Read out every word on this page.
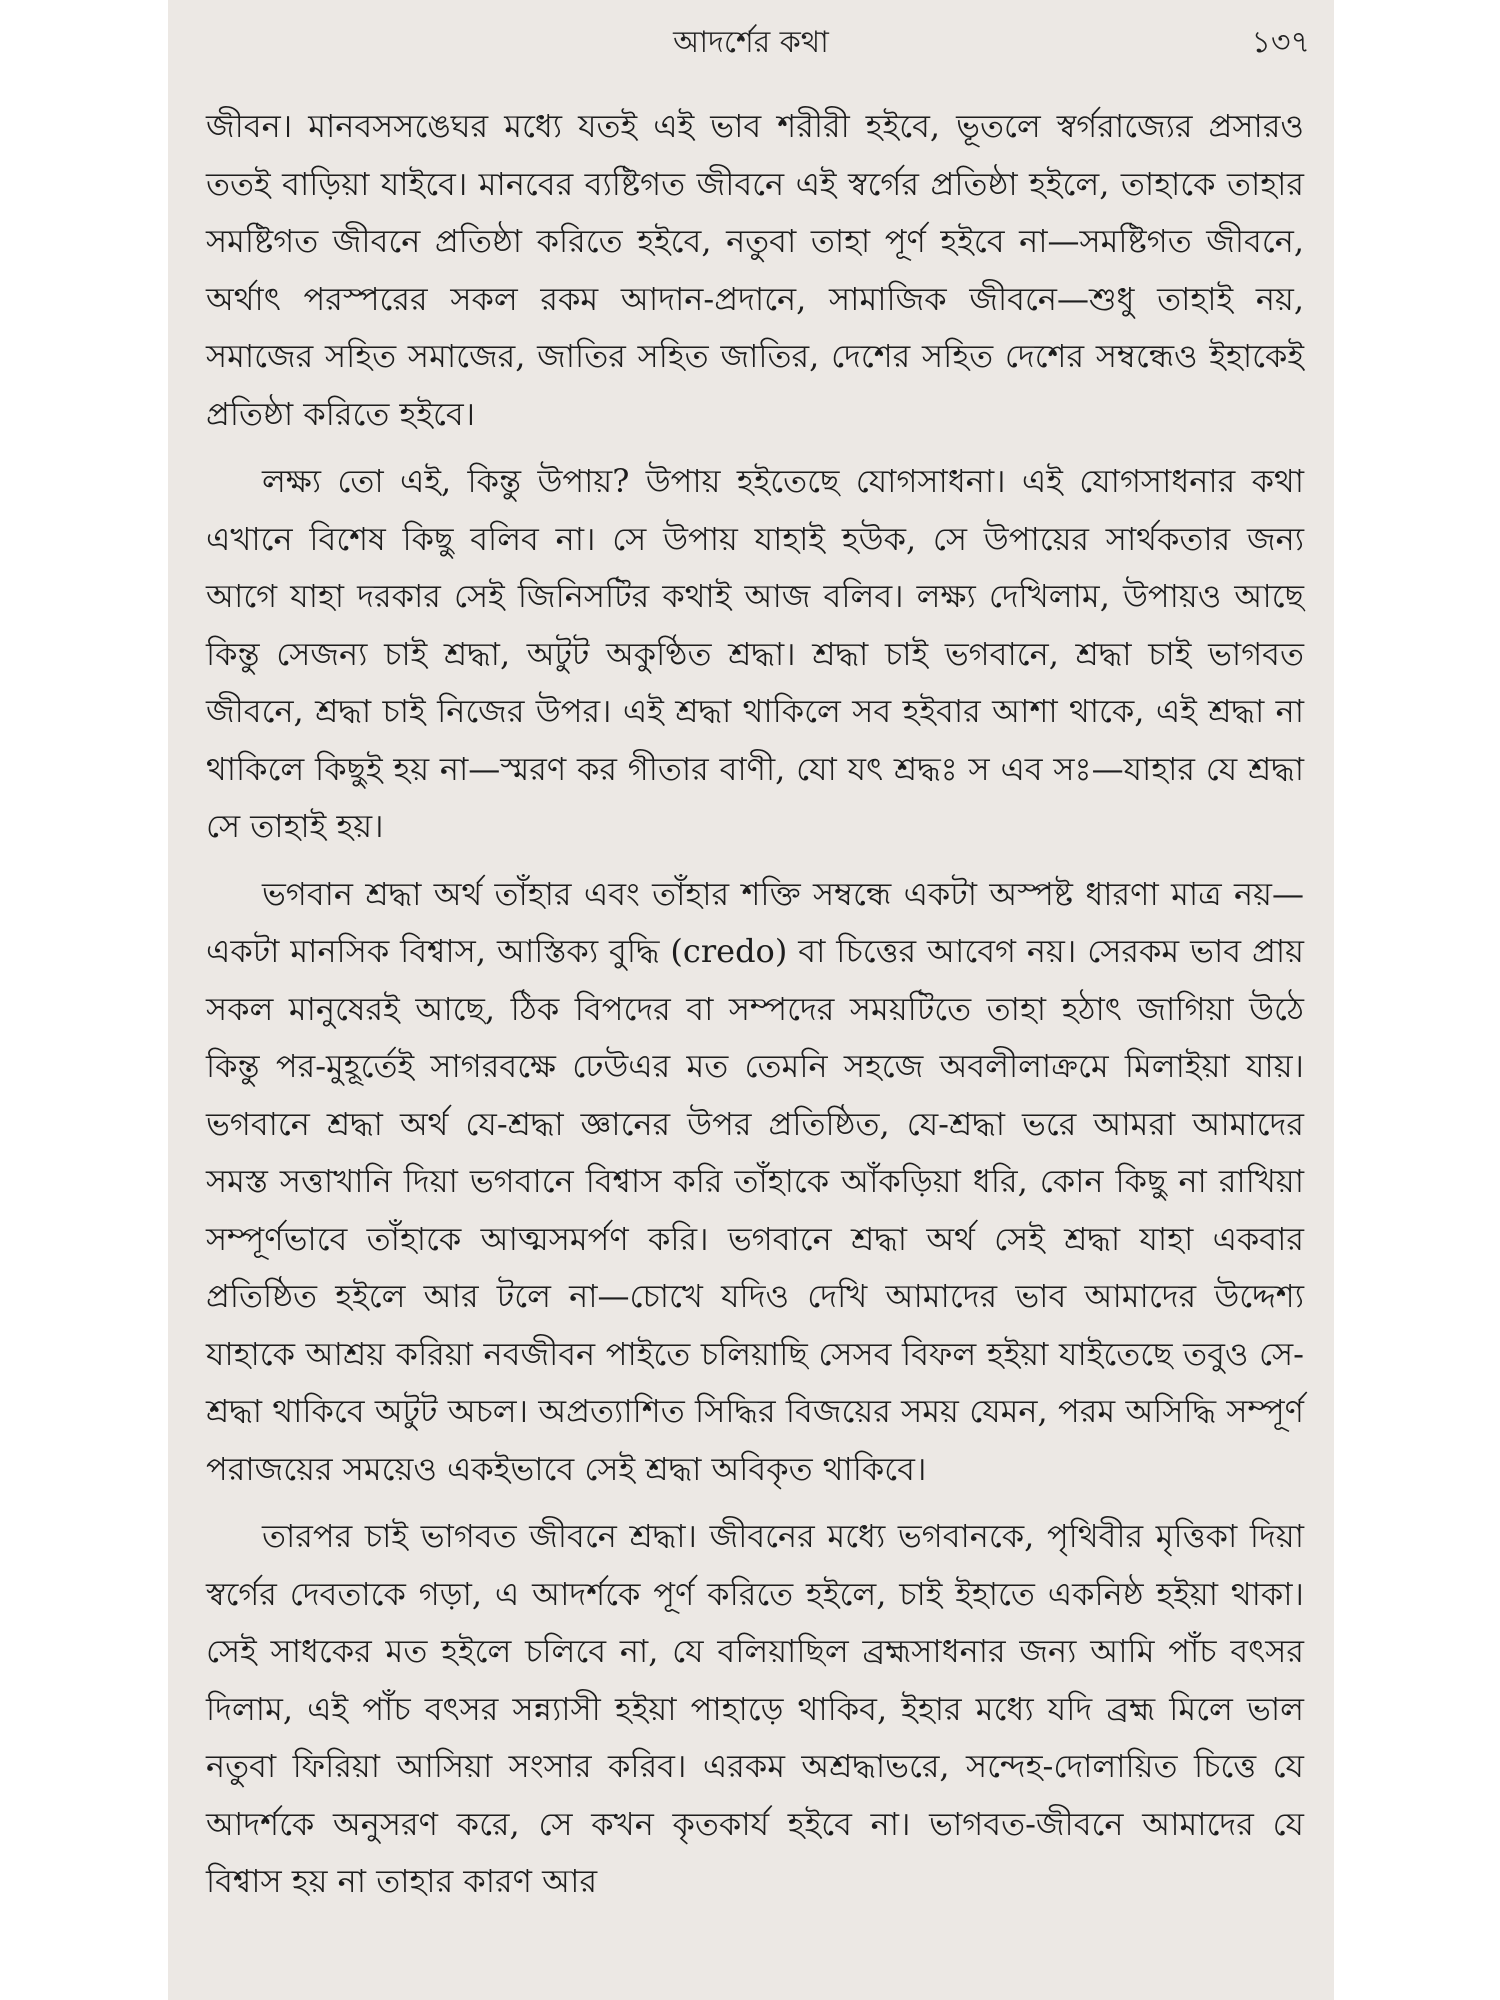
আদর্শের কথা	১৩৭

জীবন। মানবসসঙেঘর মধ্যে যতই এই ভাব শরীরী হইবে, ভূতলে স্বর্গরাজ্যের প্রসারও ততই বাড়িয়া যাইবে। মানবের ব্যষ্টিগত জীবনে এই স্বর্গের প্রতিষ্ঠা হইলে, তাহাকে তাহার সমষ্টিগত জীবনে প্রতিষ্ঠা করিতে হইবে, নতুবা তাহা পূর্ণ হইবে না—সমষ্টিগত জীবনে, অর্থাৎ পরস্পরের সকল রকম আদান-প্রদানে, সামাজিক জীবনে—শুধু তাহাই নয়, সমাজের সহিত সমাজের, জাতির সহিত জাতির, দেশের সহিত দেশের সম্বন্ধেও ইহাকেই প্রতিষ্ঠা করিতে হইবে।

লক্ষ্য তো এই, কিন্তু উপায়? উপায় হইতেছে যোগসাধনা। এই যোগসাধনার কথা এখানে বিশেষ কিছু বলিব না। সে উপায় যাহাই হউক, সে উপায়ের সার্থকতার জন্য আগে যাহা দরকার সেই জিনিসটির কথাই আজ বলিব। লক্ষ্য দেখিলাম, উপায়ও আছে কিন্তু সেজন্য চাই শ্রদ্ধা, অটুট অকুণ্ঠিত শ্রদ্ধা। শ্রদ্ধা চাই ভগবানে, শ্রদ্ধা চাই ভাগবত জীবনে, শ্রদ্ধা চাই নিজের উপর। এই শ্রদ্ধা থাকিলে সব হইবার আশা থাকে, এই শ্রদ্ধা না থাকিলে কিছুই হয় না—স্মরণ কর গীতার বাণী, যো যৎ শ্রদ্ধঃ স এব সঃ—যাহার যে শ্রদ্ধা সে তাহাই হয়।

ভগবান শ্রদ্ধা অর্থ তাঁহার এবং তাঁহার শক্তি সম্বন্ধে একটা অস্পষ্ট ধারণা মাত্র নয়—একটা মানসিক বিশ্বাস, আস্তিক্য বুদ্ধি (credo) বা চিত্তের আবেগ নয়। সেরকম ভাব প্রায় সকল মানুষেরই আছে, ঠিক বিপদের বা সম্পদের সময়টিতে তাহা হঠাৎ জাগিয়া উঠে কিন্তু পর-মুহূর্তেই সাগরবক্ষে ঢেউএর মত তেমনি সহজে অবলীলাক্রমে মিলাইয়া যায়। ভগবানে শ্রদ্ধা অর্থ যে-শ্রদ্ধা জ্ঞানের উপর প্রতিষ্ঠিত, যে-শ্রদ্ধা ভরে আমরা আমাদের সমস্ত সত্তাখানি দিয়া ভগবানে বিশ্বাস করি তাঁহাকে আঁকড়িয়া ধরি, কোন কিছু না রাখিয়া সম্পূর্ণভাবে তাঁহাকে আত্মসমর্পণ করি। ভগবানে শ্রদ্ধা অর্থ সেই শ্রদ্ধা যাহা একবার প্রতিষ্ঠিত হইলে আর টলে না—চোখে যদিও দেখি আমাদের ভাব আমাদের উদ্দেশ্য যাহাকে আশ্রয় করিয়া নবজীবন পাইতে চলিয়াছি সেসব বিফল হইয়া যাইতেছে তবুও সে-শ্রদ্ধা থাকিবে অটুট অচল। অপ্রত্যাশিত সিদ্ধির বিজয়ের সময় যেমন, পরম অসিদ্ধি সম্পূর্ণ পরাজয়ের সময়েও একইভাবে সেই শ্রদ্ধা অবিকৃত থাকিবে।

তারপর চাই ভাগবত জীবনে শ্রদ্ধা। জীবনের মধ্যে ভগবানকে, পৃথিবীর মৃত্তিকা দিয়া স্বর্গের দেবতাকে গড়া, এ আদর্শকে পূর্ণ করিতে হইলে, চাই ইহাতে একনিষ্ঠ হইয়া থাকা। সেই সাধকের মত হইলে চলিবে না, যে বলিয়াছিল ব্রহ্মসাধনার জন্য আমি পাঁচ বৎসর দিলাম, এই পাঁচ বৎসর সন্ন্যাসী হইয়া পাহাড়ে থাকিব, ইহার মধ্যে যদি ব্রহ্ম মিলে ভাল নতুবা ফিরিয়া আসিয়া সংসার করিব। এরকম অশ্রদ্ধাভরে, সন্দেহ-দোলায়িত চিত্তে যে আদর্শকে অনুসরণ করে, সে কখন কৃতকার্য হইবে না। ভাগবত-জীবনে আমাদের যে বিশ্বাস হয় না তাহার কারণ আর
